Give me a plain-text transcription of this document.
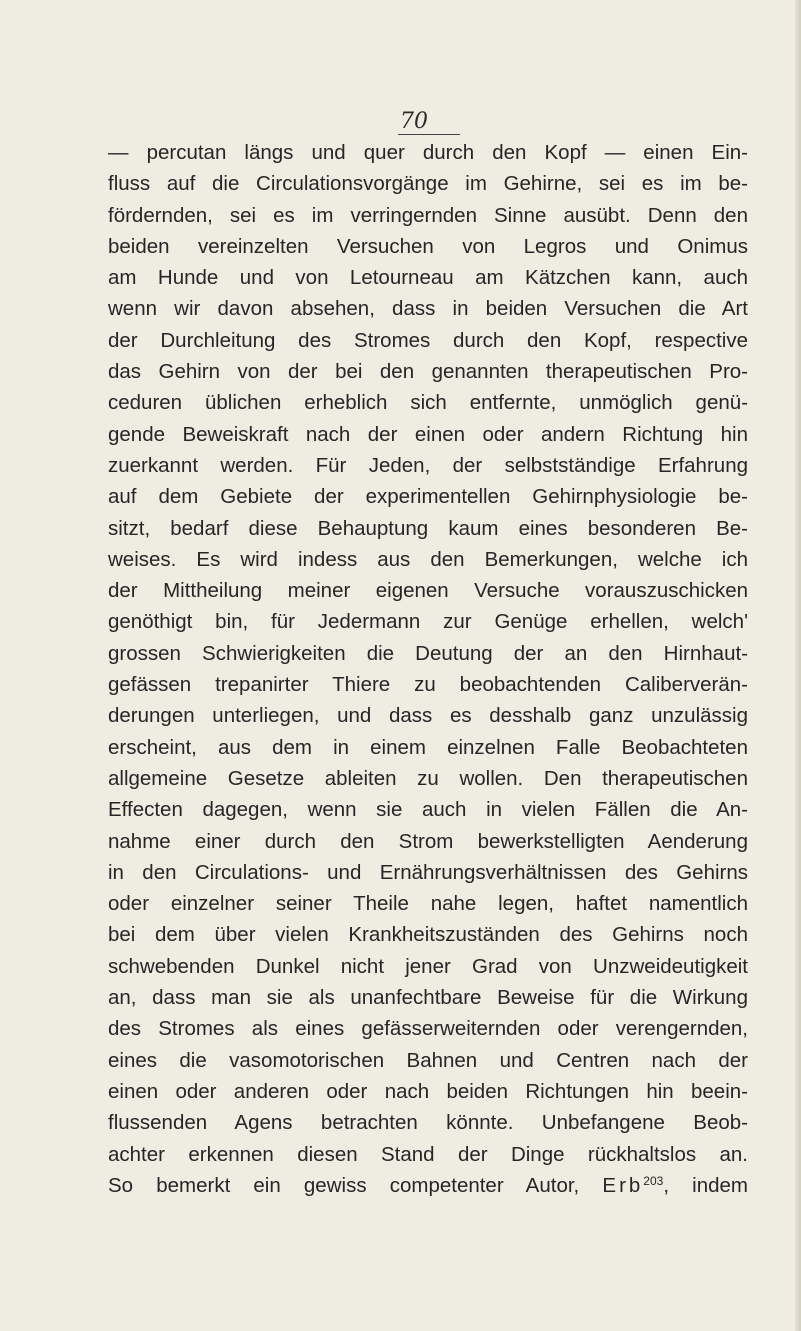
70
— percutan längs und quer durch den Kopf — einen Ein-
fluss auf die Circulationsvorgänge im Gehirne, sei es im be-
fördernden, sei es im verringernden Sinne ausübt. Denn den
beiden vereinzelten Versuchen von Legros und Onimus
am Hunde und von Letourneau am Kätzchen kann, auch
wenn wir davon absehen, dass in beiden Versuchen die Art
der Durchleitung des Stromes durch den Kopf, respective
das Gehirn von der bei den genannten therapeutischen Pro-
ceduren üblichen erheblich sich entfernte, unmöglich genü-
gende Beweiskraft nach der einen oder andern Richtung hin
zuerkannt werden. Für Jeden, der selbstständige Erfahrung
auf dem Gebiete der experimentellen Gehirnphysiologie be-
sitzt, bedarf diese Behauptung kaum eines besonderen Be-
weises. Es wird indess aus den Bemerkungen, welche ich
der Mittheilung meiner eigenen Versuche vorauszuschicken
genöthigt bin, für Jedermann zur Genüge erhellen, welch'
grossen Schwierigkeiten die Deutung der an den Hirnhaut-
gefässen trepanirter Thiere zu beobachtenden Caliberverän-
derungen unterliegen, und dass es desshalb ganz unzulässig
erscheint, aus dem in einem einzelnen Falle Beobachteten
allgemeine Gesetze ableiten zu wollen. Den therapeutischen
Effecten dagegen, wenn sie auch in vielen Fällen die An-
nahme einer durch den Strom bewerkstelligten Aenderung
in den Circulations- und Ernährungsverhältnissen des Gehirns
oder einzelner seiner Theile nahe legen, haftet namentlich
bei dem über vielen Krankheitszuständen des Gehirns noch
schwebenden Dunkel nicht jener Grad von Unzweideutigkeit
an, dass man sie als unanfechtbare Beweise für die Wirkung
des Stromes als eines gefässerweiternden oder verengernden,
eines die vasomotorischen Bahnen und Centren nach der
einen oder anderen oder nach beiden Richtungen hin beein-
flussenden Agens betrachten könnte. Unbefangene Beob-
achter erkennen diesen Stand der Dinge rückhaltslos an.
So bemerkt ein gewiss competenter Autor, Erb$^{203}$, indem
